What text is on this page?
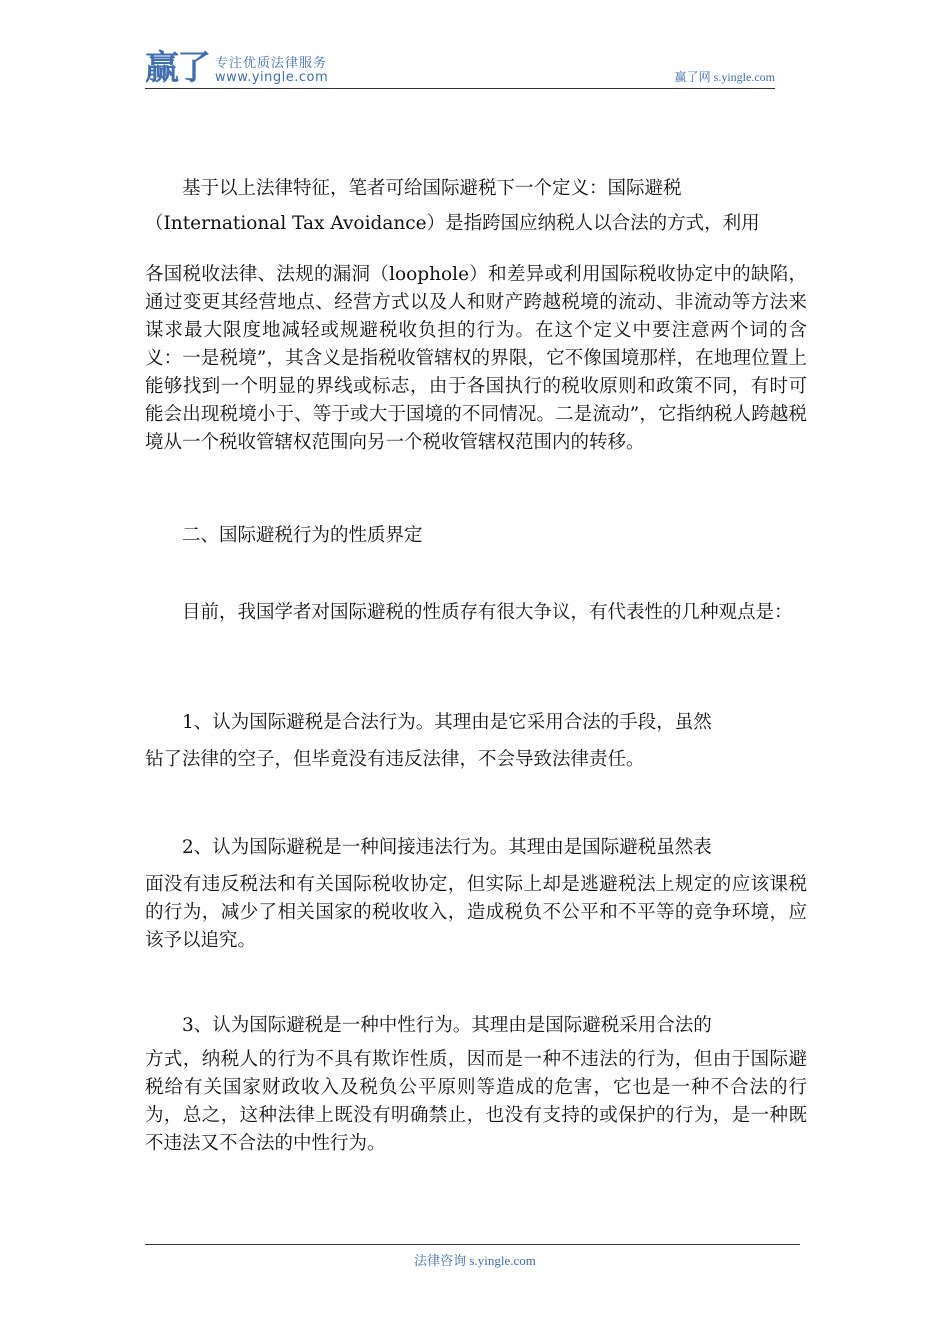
赢了 专注优质法律服务
www.yingle.com	赢了网 s.yingle.com

基于以上法律特征，笔者可给国际避税下一个定义：国际避税

（International Tax Avoidance）是指跨国应纳税人以合法的方式，利用

各国税收法律、法规的漏洞（loophole）和差异或利用国际税收协定中的缺陷，通过变更其经营地点、经营方式以及人和财产跨越税境的流动、非流动等方法来谋求最大限度地减轻或规避税收负担的行为。在这个定义中要注意两个词的含义：一是税境”，其含义是指税收管辖权的界限，它不像国境那样，在地理位置上能够找到一个明显的界线或标志，由于各国执行的税收原则和政策不同，有时可能会出现税境小于、等于或大于国境的不同情况。二是流动”，它指纳税人跨越税境从一个税收管辖权范围向另一个税收管辖权范围内的转移。

二、国际避税行为的性质界定

目前，我国学者对国际避税的性质存有很大争议，有代表性的几种观点是：

1、认为国际避税是合法行为。其理由是它采用合法的手段，虽然

钻了法律的空子，但毕竟没有违反法律，不会导致法律责任。

2、认为国际避税是一种间接违法行为。其理由是国际避税虽然表

面没有违反税法和有关国际税收协定，但实际上却是逃避税法上规定的应该课税的行为，减少了相关国家的税收收入，造成税负不公平和不平等的竞争环境，应该予以追究。

3、认为国际避税是一种中性行为。其理由是国际避税采用合法的

方式，纳税人的行为不具有欺诈性质，因而是一种不违法的行为，但由于国际避税给有关国家财政收入及税负公平原则等造成的危害，它也是一种不合法的行为，总之，这种法律上既没有明确禁止，也没有支持的或保护的行为，是一种既不违法又不合法的中性行为。

法律咨询 s.yingle.com
